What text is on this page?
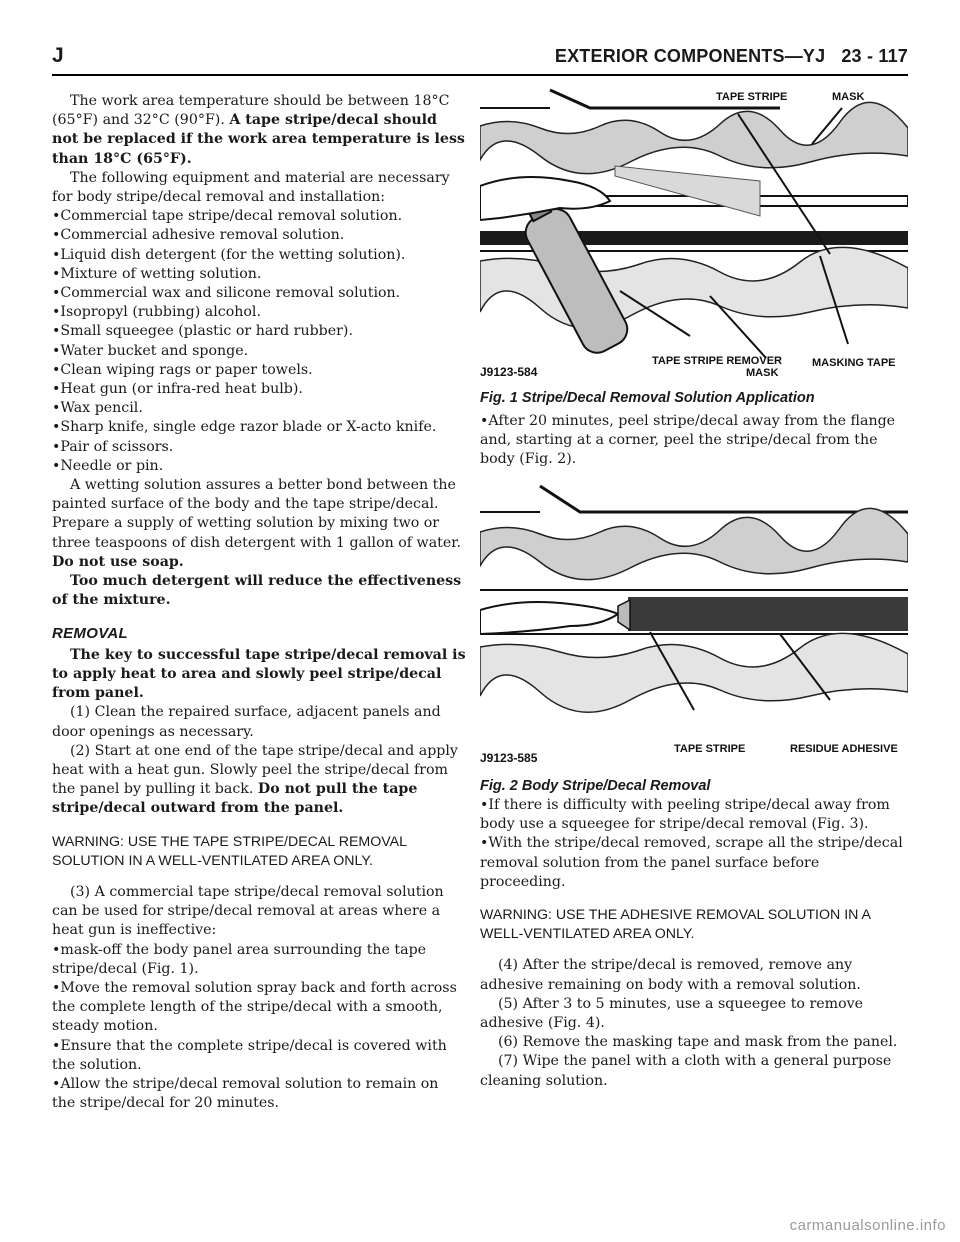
J	EXTERIOR COMPONENTS—YJ 23 - 117

The work area temperature should be between 18°C (65°F) and 32°C (90°F). A tape stripe/decal should not be replaced if the work area temperature is less than 18°C (65°F).

The following equipment and material are necessary for body stripe/decal removal and installation:

•Commercial tape stripe/decal removal solution.

•Commercial adhesive removal solution.

•Liquid dish detergent (for the wetting solution).

•Mixture of wetting solution.

•Commercial wax and silicone removal solution.

•Isopropyl (rubbing) alcohol.

•Small squeegee (plastic or hard rubber).

•Water bucket and sponge.

•Clean wiping rags or paper towels.

•Heat gun (or infra-red heat bulb).

•Wax pencil.

•Sharp knife, single edge razor blade or X-acto knife.

•Pair of scissors.

•Needle or pin.

A wetting solution assures a better bond between the painted surface of the body and the tape stripe/decal. Prepare a supply of wetting solution by mixing two or three teaspoons of dish detergent with 1 gallon of water. Do not use soap.

Too much detergent will reduce the effectiveness of the mixture.

REMOVAL

The key to successful tape stripe/decal removal is to apply heat to area and slowly peel stripe/decal from panel.

(1) Clean the repaired surface, adjacent panels and door openings as necessary.

(2) Start at one end of the tape stripe/decal and apply heat with a heat gun. Slowly peel the stripe/decal from the panel by pulling it back. Do not pull the tape stripe/decal outward from the panel.

WARNING: USE THE TAPE STRIPE/DECAL REMOVAL SOLUTION IN A WELL-VENTILATED AREA ONLY.

(3) A commercial tape stripe/decal removal solution can be used for stripe/decal removal at areas where a heat gun is ineffective:

•mask-off the body panel area surrounding the tape stripe/decal (Fig. 1).

•Move the removal solution spray back and forth across the complete length of the stripe/decal with a smooth, steady motion.

•Ensure that the complete stripe/decal is covered with the solution.

•Allow the stripe/decal removal solution to remain on the stripe/decal for 20 minutes.

TAPE STRIPE	MASK
J9123-584
TAPE STRIPE REMOVER
MASK
MASKING TAPE
Fig. 1 Stripe/Decal Removal Solution Application

•After 20 minutes, peel stripe/decal away from the flange and, starting at a corner, peel the stripe/decal from the body (Fig. 2).

J9123-585
TAPE STRIPE	RESIDUE ADHESIVE
Fig. 2 Body Stripe/Decal Removal

•If there is difficulty with peeling stripe/decal away from body use a squeegee for stripe/decal removal (Fig. 3).

•With the stripe/decal removed, scrape all the stripe/decal removal solution from the panel surface before proceeding.

WARNING: USE THE ADHESIVE REMOVAL SOLUTION IN A WELL-VENTILATED AREA ONLY.

(4) After the stripe/decal is removed, remove any adhesive remaining on body with a removal solution.

(5) After 3 to 5 minutes, use a squeegee to remove adhesive (Fig. 4).

(6) Remove the masking tape and mask from the panel.

(7) Wipe the panel with a cloth with a general purpose cleaning solution.

carmanualsonline.info
